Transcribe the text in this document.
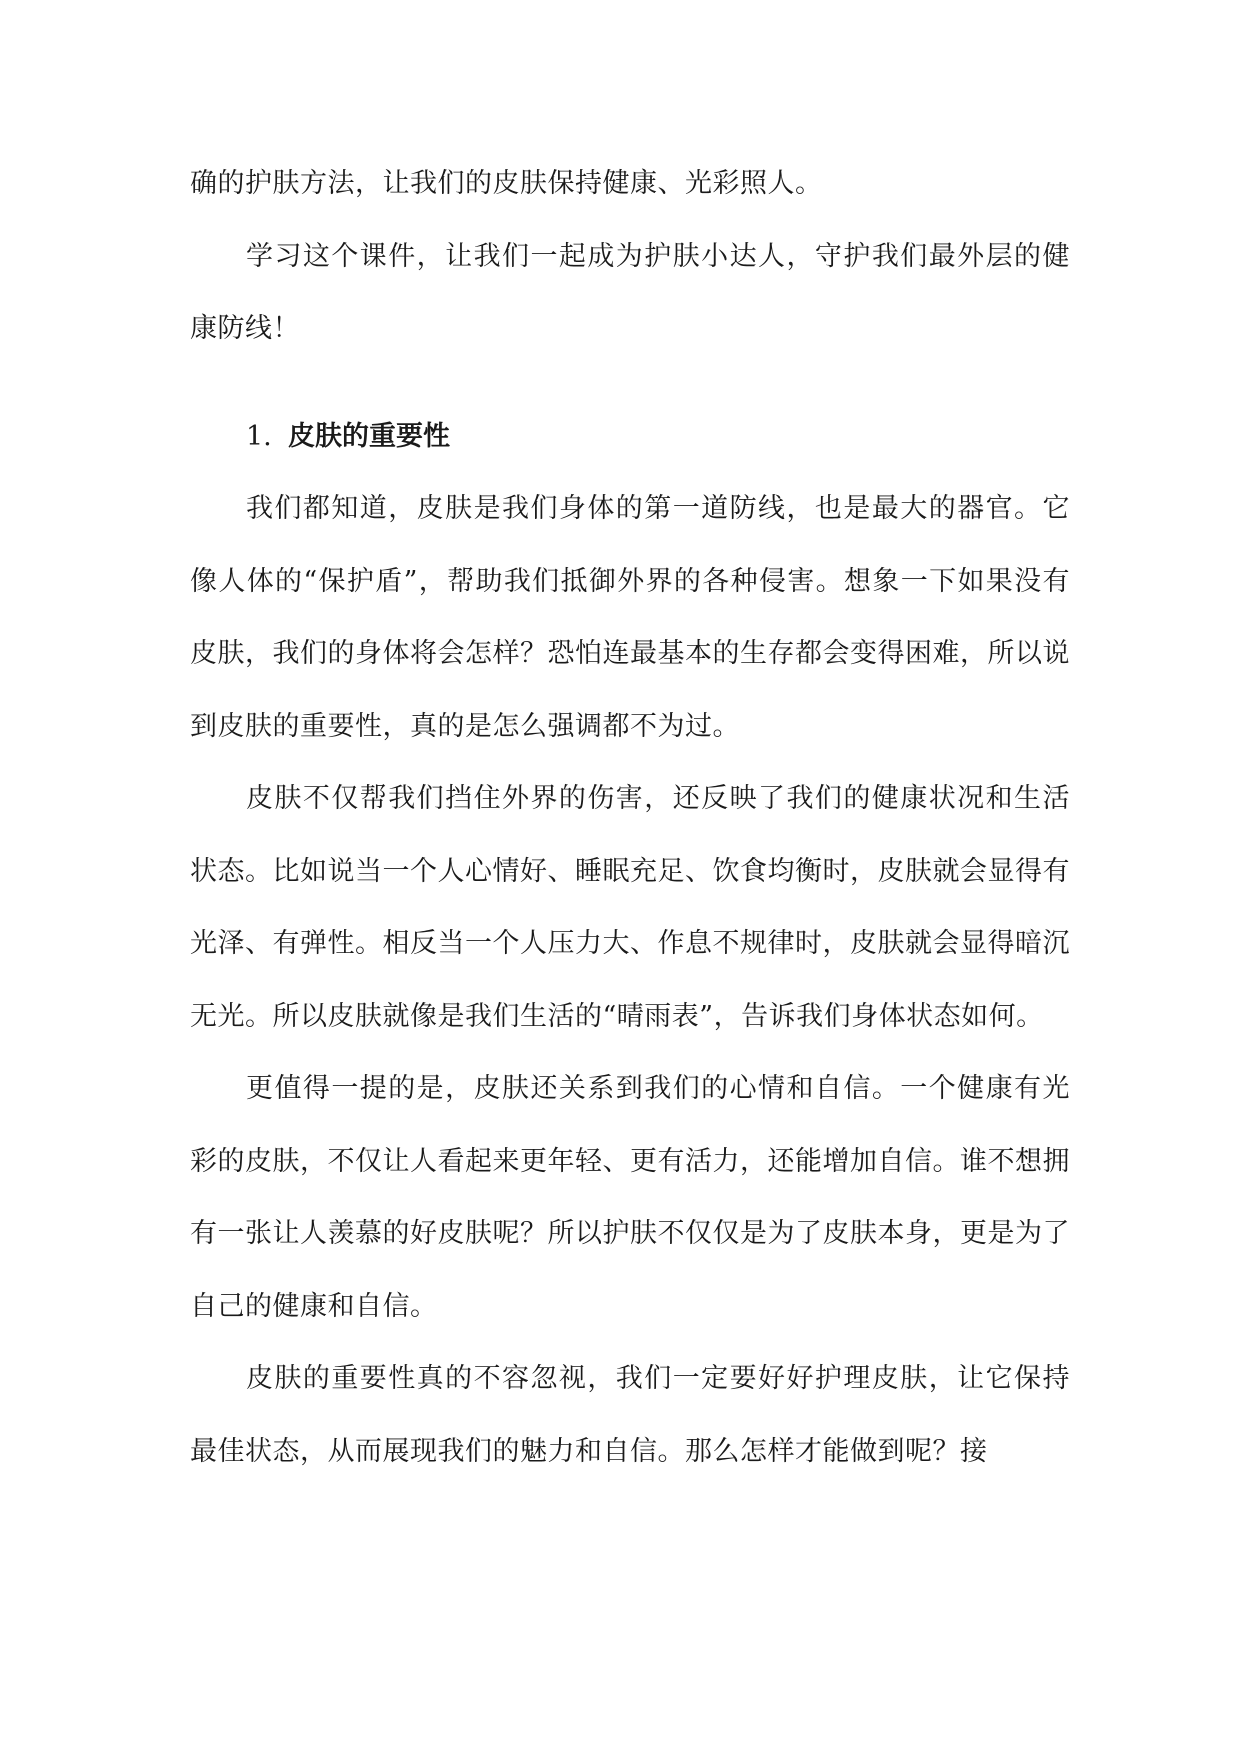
确的护肤方法，让我们的皮肤保持健康、光彩照人。

学习这个课件，让我们一起成为护肤小达人，守护我们最外层的健康防线！

1. 皮肤的重要性

我们都知道，皮肤是我们身体的第一道防线，也是最大的器官。它像人体的“保护盾”，帮助我们抵御外界的各种侵害。想象一下如果没有皮肤，我们的身体将会怎样？恐怕连最基本的生存都会变得困难，所以说到皮肤的重要性，真的是怎么强调都不为过。

皮肤不仅帮我们挡住外界的伤害，还反映了我们的健康状况和生活状态。比如说当一个人心情好、睡眠充足、饮食均衡时，皮肤就会显得有光泽、有弹性。相反当一个人压力大、作息不规律时，皮肤就会显得暗沉无光。所以皮肤就像是我们生活的“晴雨表”，告诉我们身体状态如何。

更值得一提的是，皮肤还关系到我们的心情和自信。一个健康有光彩的皮肤，不仅让人看起来更年轻、更有活力，还能增加自信。谁不想拥有一张让人羡慕的好皮肤呢？所以护肤不仅仅是为了皮肤本身，更是为了自己的健康和自信。

皮肤的重要性真的不容忽视，我们一定要好好护理皮肤，让它保持最佳状态，从而展现我们的魅力和自信。那么怎样才能做到呢？接
